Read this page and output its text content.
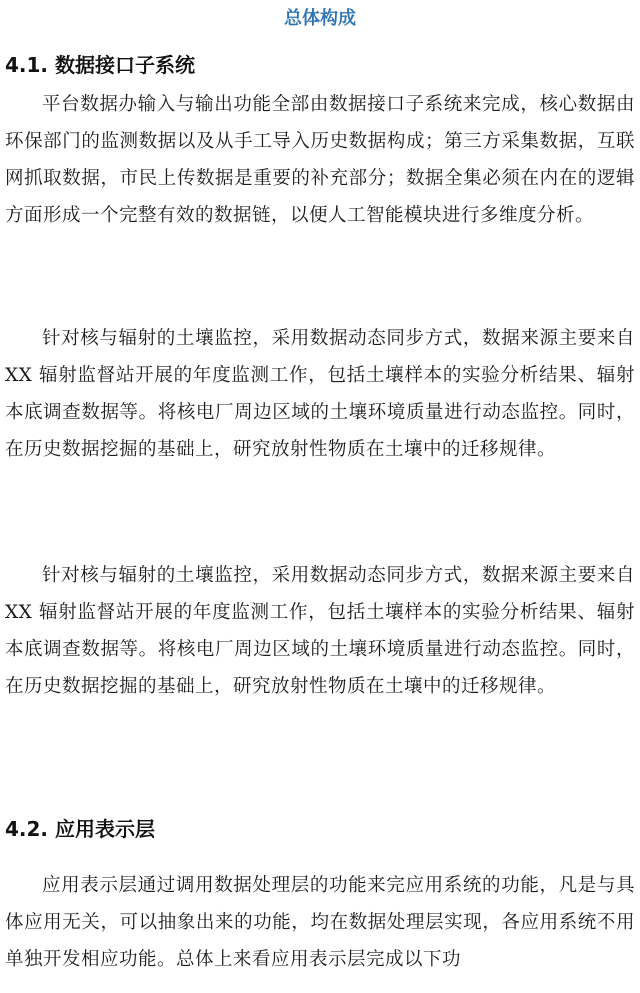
总体构成
4.1. 数据接口子系统

平台数据办输入与输出功能全部由数据接口子系统来完成，核心数据由环保部门的监测数据以及从手工导入历史数据构成；第三方采集数据，互联网抓取数据，市民上传数据是重要的补充部分；数据全集必须在内在的逻辑方面形成一个完整有效的数据链，以便人工智能模块进行多维度分析。

针对核与辐射的土壤监控，采用数据动态同步方式，数据来源主要来自 XX 辐射监督站开展的年度监测工作，包括土壤样本的实验分析结果、辐射本底调查数据等。将核电厂周边区域的土壤环境质量进行动态监控。同时，在历史数据挖掘的基础上，研究放射性物质在土壤中的迁移规律。

针对核与辐射的土壤监控，采用数据动态同步方式，数据来源主要来自 XX 辐射监督站开展的年度监测工作，包括土壤样本的实验分析结果、辐射本底调查数据等。将核电厂周边区域的土壤环境质量进行动态监控。同时，在历史数据挖掘的基础上，研究放射性物质在土壤中的迁移规律。

4.2. 应用表示层

应用表示层通过调用数据处理层的功能来完应用系统的功能，凡是与具体应用无关，可以抽象出来的功能，均在数据处理层实现，各应用系统不用单独开发相应功能。总体上来看应用表示层完成以下功
